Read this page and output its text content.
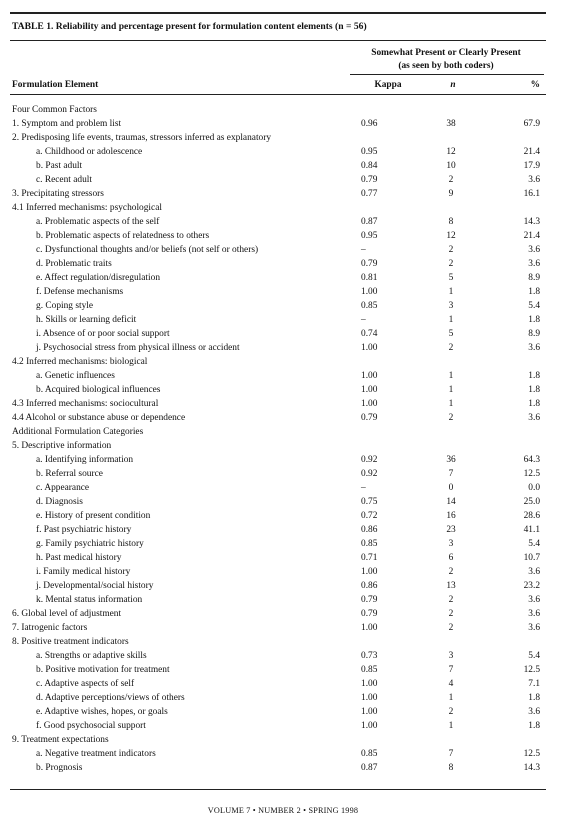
TABLE 1. Reliability and percentage present for formulation content elements (n = 56)
Somewhat Present or Clearly Present
(as seen by both coders)
Formulation Element	Kappa	n	%
Four Common Factors
1. Symptom and problem list	0.96	38	67.9
2. Predisposing life events, traumas, stressors inferred as explanatory
a. Childhood or adolescence	0.95	12	21.4
b. Past adult	0.84	10	17.9
c. Recent adult	0.79	2	3.6
3. Precipitating stressors	0.77	9	16.1
4.1 Inferred mechanisms: psychological
a. Problematic aspects of the self	0.87	8	14.3
b. Problematic aspects of relatedness to others	0.95	12	21.4
c. Dysfunctional thoughts and/or beliefs (not self or others)	–	2	3.6
d. Problematic traits	0.79	2	3.6
e. Affect regulation/disregulation	0.81	5	8.9
f. Defense mechanisms	1.00	1	1.8
g. Coping style	0.85	3	5.4
h. Skills or learning deficit	–	1	1.8
i. Absence of or poor social support	0.74	5	8.9
j. Psychosocial stress from physical illness or accident	1.00	2	3.6
4.2 Inferred mechanisms: biological
a. Genetic influences	1.00	1	1.8
b. Acquired biological influences	1.00	1	1.8
4.3 Inferred mechanisms: sociocultural	1.00	1	1.8
4.4 Alcohol or substance abuse or dependence	0.79	2	3.6
Additional Formulation Categories
5. Descriptive information
a. Identifying information	0.92	36	64.3
b. Referral source	0.92	7	12.5
c. Appearance	–	0	0.0
d. Diagnosis	0.75	14	25.0
e. History of present condition	0.72	16	28.6
f. Past psychiatric history	0.86	23	41.1
g. Family psychiatric history	0.85	3	5.4
h. Past medical history	0.71	6	10.7
i. Family medical history	1.00	2	3.6
j. Developmental/social history	0.86	13	23.2
k. Mental status information	0.79	2	3.6
6. Global level of adjustment	0.79	2	3.6
7. Iatrogenic factors	1.00	2	3.6
8. Positive treatment indicators
a. Strengths or adaptive skills	0.73	3	5.4
b. Positive motivation for treatment	0.85	7	12.5
c. Adaptive aspects of self	1.00	4	7.1
d. Adaptive perceptions/views of others	1.00	1	1.8
e. Adaptive wishes, hopes, or goals	1.00	2	3.6
f. Good psychosocial support	1.00	1	1.8
9. Treatment expectations
a. Negative treatment indicators	0.85	7	12.5
b. Prognosis	0.87	8	14.3
VOLUME 7 • NUMBER 2 • SPRING 1998
